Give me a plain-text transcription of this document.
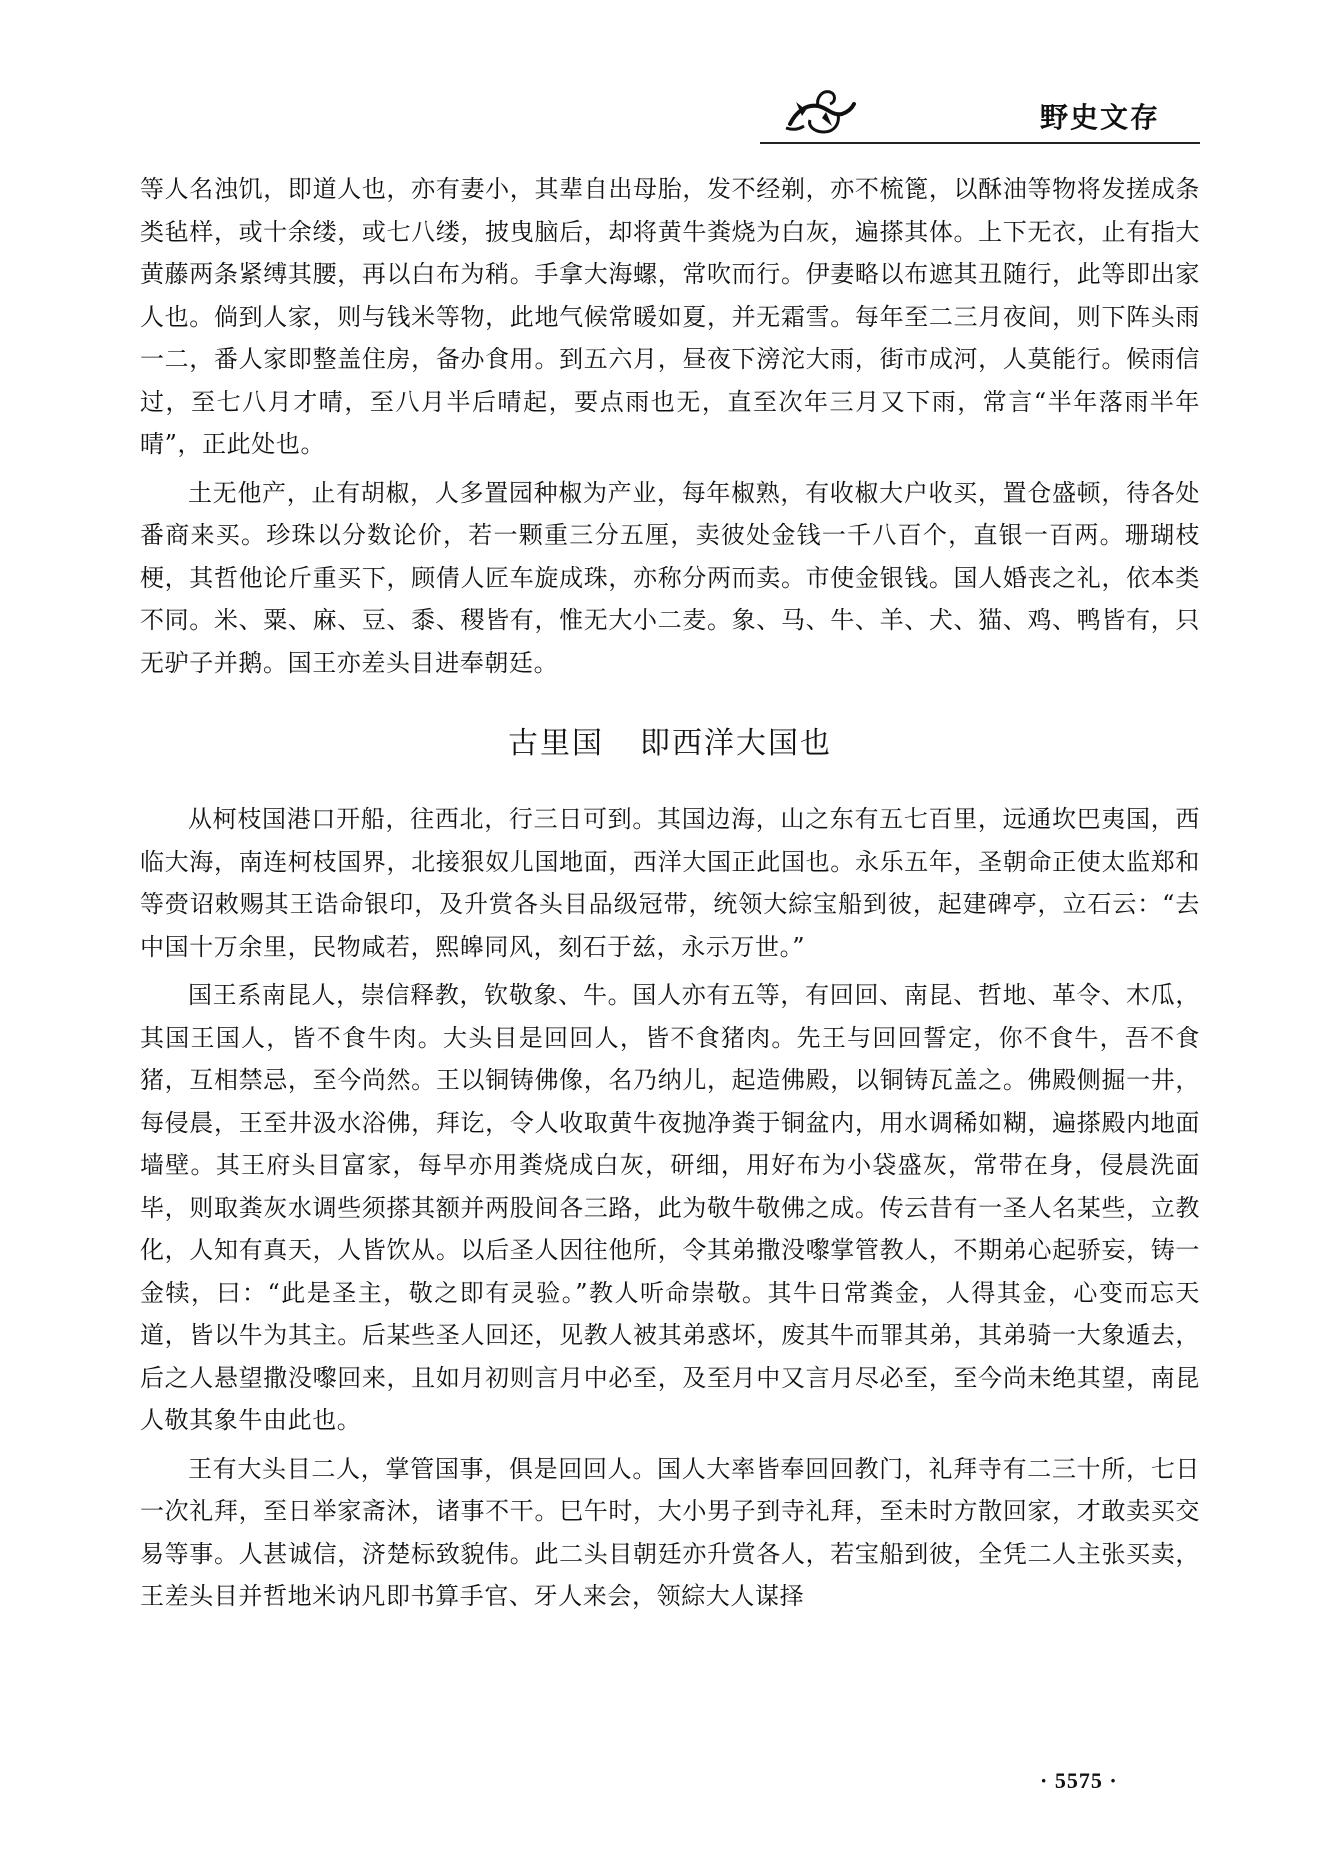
野史文存

等人名浊饥，即道人也，亦有妻小，其辈自出母胎，发不经剃，亦不梳篦，以酥油等物将发搓成条类毡样，或十余缕，或七八缕，披曳脑后，却将黄牛粪烧为白灰，遍搽其体。上下无衣，止有指大黄藤两条紧缚其腰，再以白布为稍。手拿大海螺，常吹而行。伊妻略以布遮其丑随行，此等即出家人也。倘到人家，则与钱米等物，此地气候常暖如夏，并无霜雪。每年至二三月夜间，则下阵头雨一二，番人家即整盖住房，备办食用。到五六月，昼夜下滂沱大雨，街市成河，人莫能行。候雨信过，至七八月才晴，至八月半后晴起，要点雨也无，直至次年三月又下雨，常言“半年落雨半年晴”，正此处也。

土无他产，止有胡椒，人多置园种椒为产业，每年椒熟，有收椒大户收买，置仓盛顿，待各处番商来买。珍珠以分数论价，若一颗重三分五厘，卖彼处金钱一千八百个，直银一百两。珊瑚枝梗，其哲他论斤重买下，顾倩人匠车旋成珠，亦称分两而卖。市使金银钱。国人婚丧之礼，依本类不同。米、粟、麻、豆、黍、稷皆有，惟无大小二麦。象、马、牛、羊、犬、猫、鸡、鸭皆有，只无驴子并鹅。国王亦差头目进奉朝廷。

古里国 即西洋大国也

从柯枝国港口开船，往西北，行三日可到。其国边海，山之东有五七百里，远通坎巴夷国，西临大海，南连柯枝国界，北接狠奴儿国地面，西洋大国正此国也。永乐五年，圣朝命正使太监郑和等赍诏敕赐其王诰命银印，及升赏各头目品级冠带，统领大綜宝船到彼，起建碑亭，立石云：“去中国十万余里，民物咸若，熙皞同风，刻石于兹，永示万世。”

国王系南昆人，崇信释教，钦敬象、牛。国人亦有五等，有回回、南昆、哲地、革令、木瓜，其国王国人，皆不食牛肉。大头目是回回人，皆不食猪肉。先王与回回誓定，你不食牛，吾不食猪，互相禁忌，至今尚然。王以铜铸佛像，名乃纳儿，起造佛殿，以铜铸瓦盖之。佛殿侧掘一井，每侵晨，王至井汲水浴佛，拜讫，令人收取黄牛夜抛净粪于铜盆内，用水调稀如糊，遍搽殿内地面墙壁。其王府头目富家，每早亦用粪烧成白灰，研细，用好布为小袋盛灰，常带在身，侵晨洗面毕，则取粪灰水调些须搽其额并两股间各三路，此为敬牛敬佛之成。传云昔有一圣人名某些，立教化，人知有真天，人皆饮从。以后圣人因往他所，令其弟撒没嚟掌管教人，不期弟心起骄妄，铸一金犊，曰：“此是圣主，敬之即有灵验。”教人听命崇敬。其牛日常粪金，人得其金，心变而忘天道，皆以牛为其主。后某些圣人回还，见教人被其弟惑坏，废其牛而罪其弟，其弟骑一大象遁去，后之人悬望撒没嚟回来，且如月初则言月中必至，及至月中又言月尽必至，至今尚未绝其望，南昆人敬其象牛由此也。

王有大头目二人，掌管国事，俱是回回人。国人大率皆奉回回教门，礼拜寺有二三十所，七日一次礼拜，至日举家斋沐，诸事不干。巳午时，大小男子到寺礼拜，至未时方散回家，才敢卖买交易等事。人甚诚信，济楚标致貌伟。此二头目朝廷亦升赏各人，若宝船到彼，全凭二人主张买卖，王差头目并哲地米讷凡即书算手官、牙人来会，领綜大人谋择

· 5575 ·
